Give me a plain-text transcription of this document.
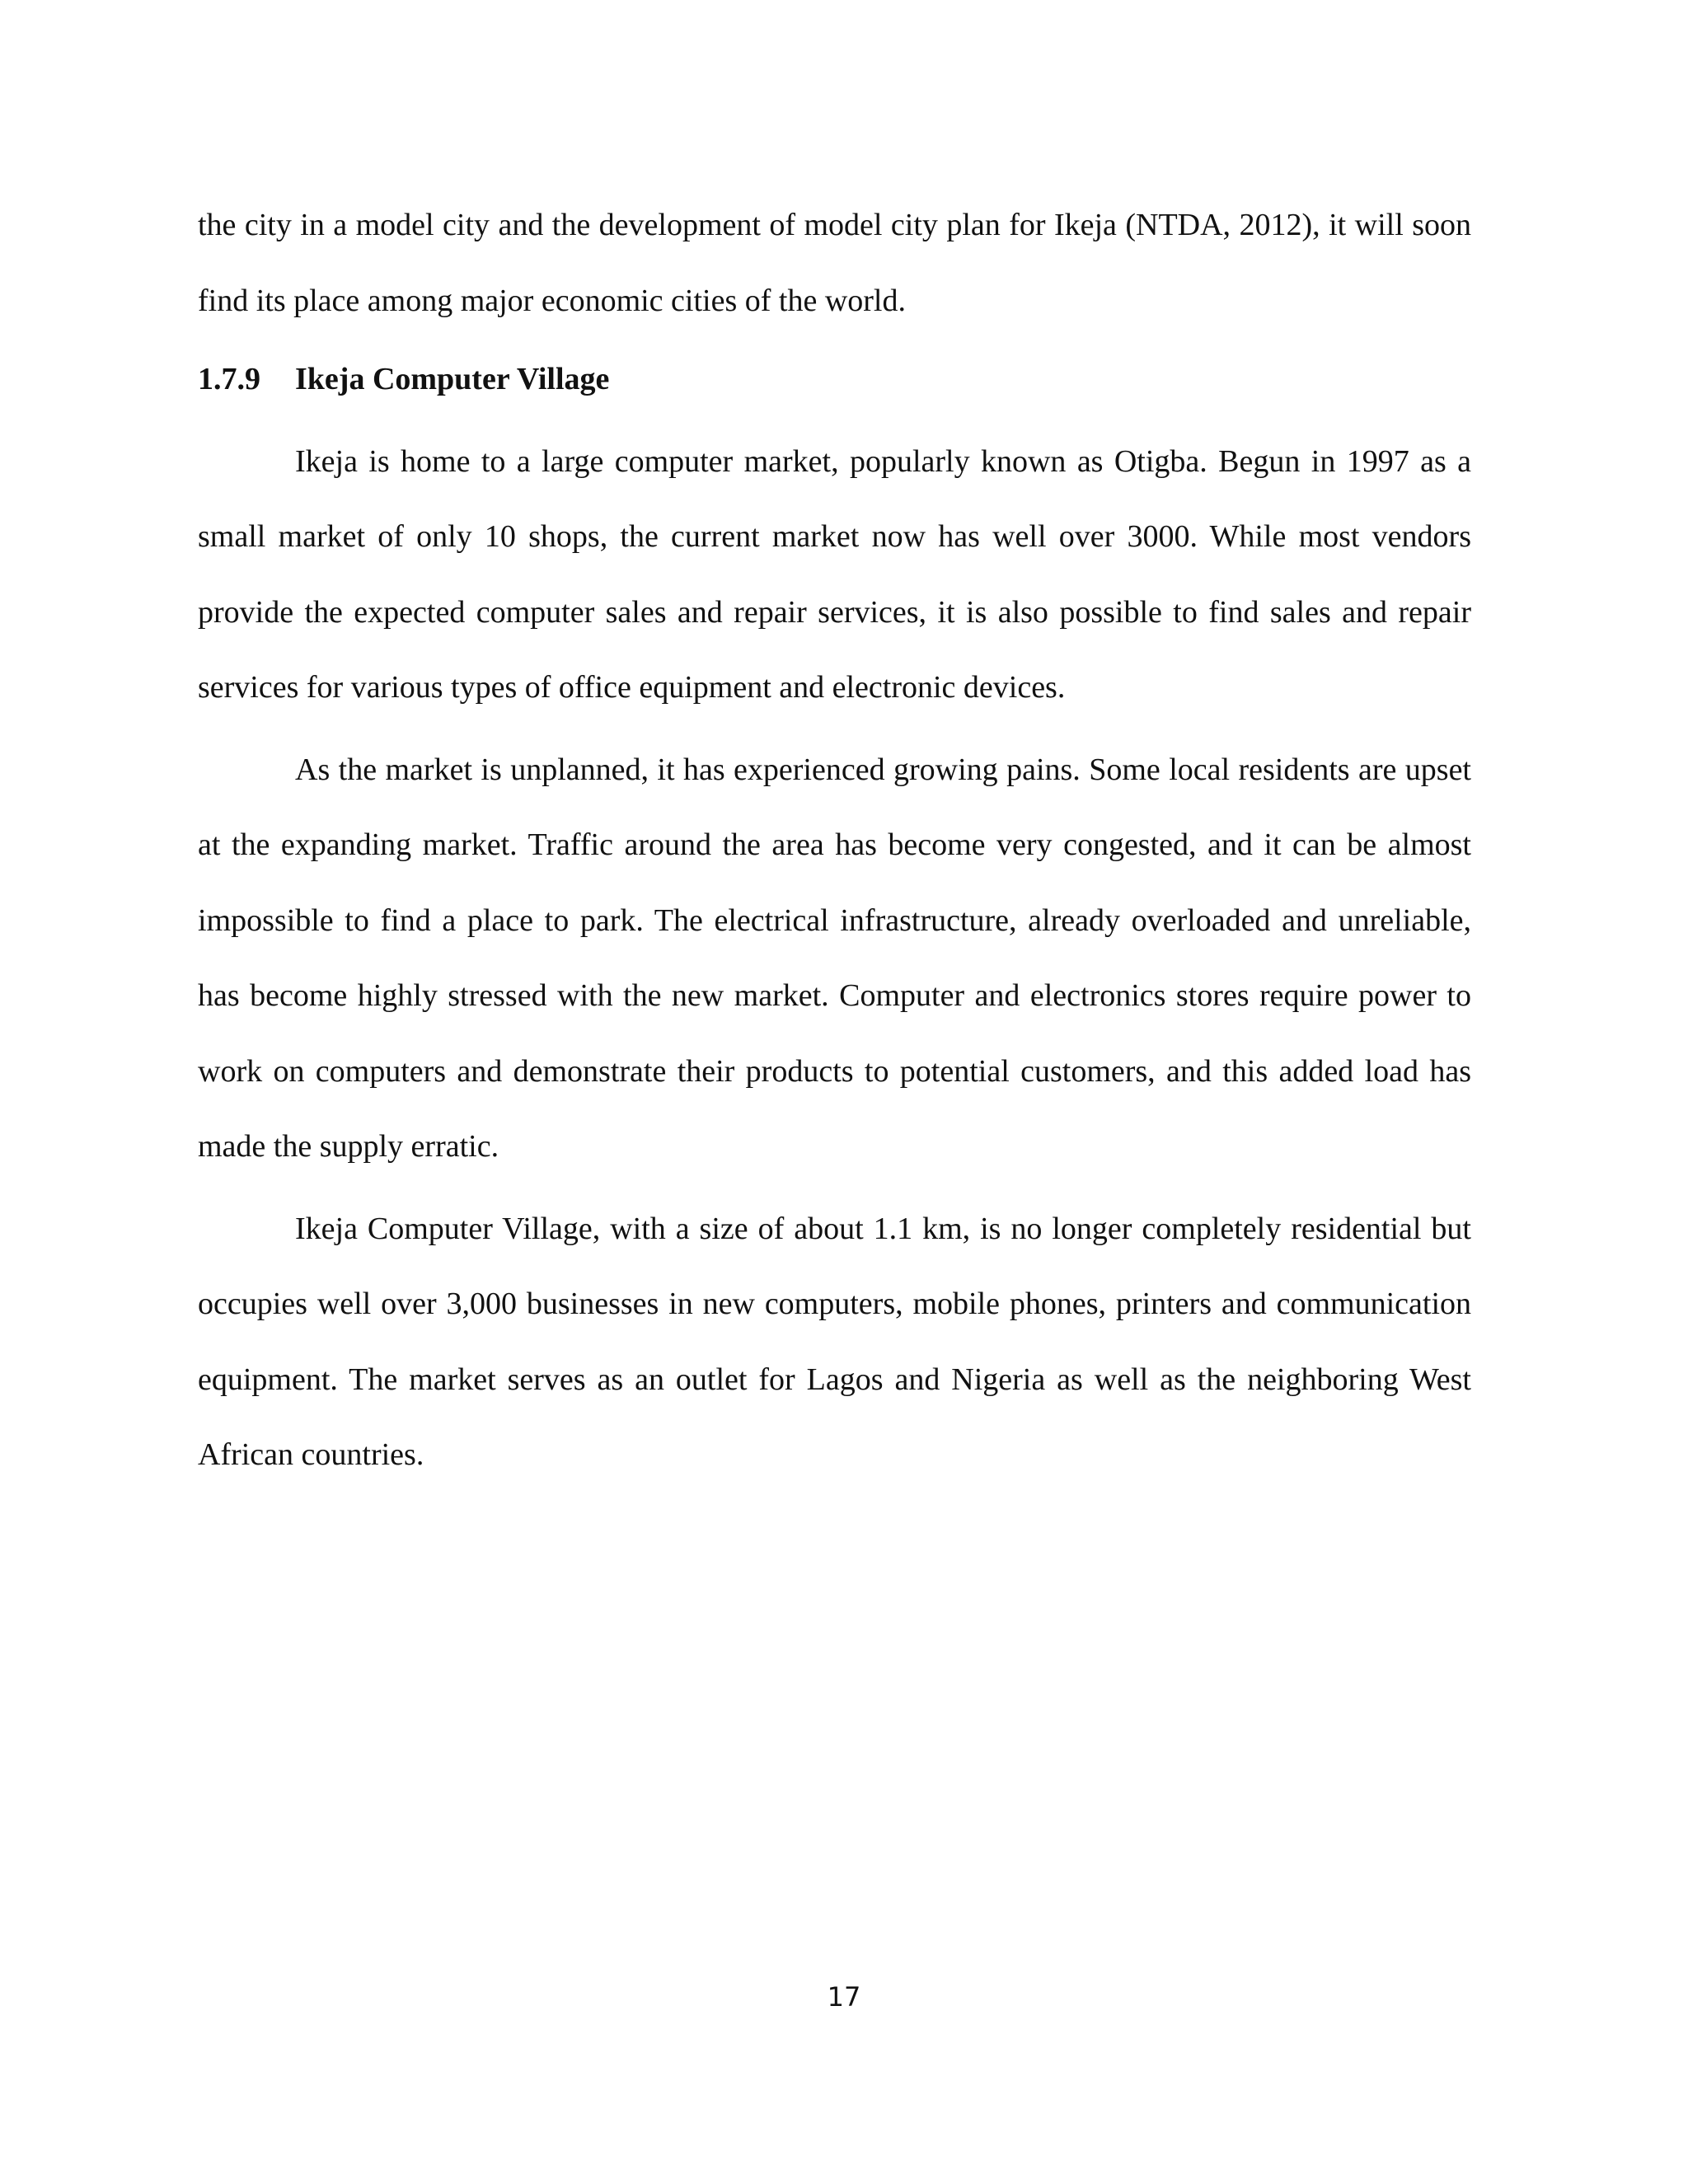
the city in a model city and the development of model city plan for Ikeja (NTDA, 2012), it will soon find its place among major economic cities of the world.

1.7.9	Ikeja Computer Village

Ikeja is home to a large computer market, popularly known as Otigba. Begun in 1997 as a small market of only 10 shops, the current market now has well over 3000. While most vendors provide the expected computer sales and repair services, it is also possible to find sales and repair services for various types of office equipment and electronic devices.

As the market is unplanned, it has experienced growing pains. Some local residents are upset at the expanding market. Traffic around the area has become very congested, and it can be almost impossible to find a place to park. The electrical infrastructure, already overloaded and unreliable, has become highly stressed with the new market. Computer and electronics stores require power to work on computers and demonstrate their products to potential customers, and this added load has made the supply erratic.

Ikeja Computer Village, with a size of about 1.1 km, is no longer completely residential but occupies well over 3,000 businesses in new computers, mobile phones, printers and communication equipment. The market serves as an outlet for Lagos and Nigeria as well as the neighboring West African countries.

17
